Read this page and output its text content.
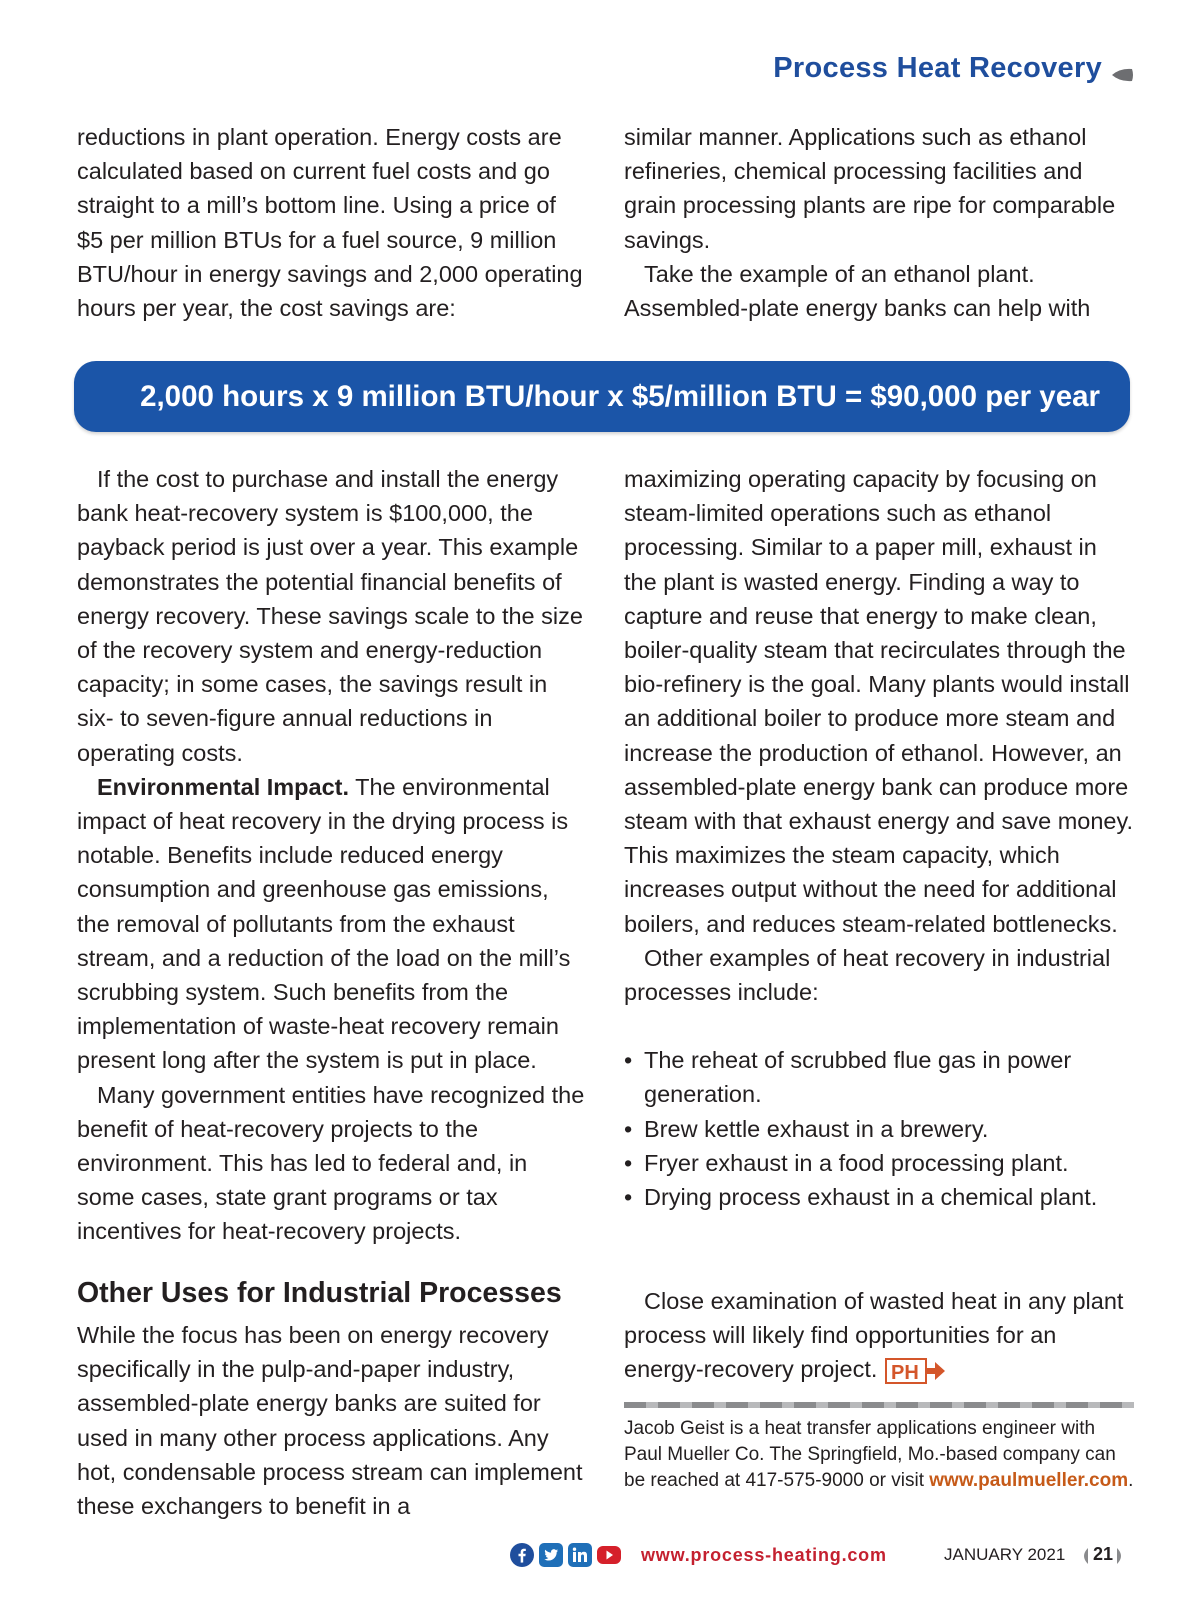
Process Heat Recovery

reductions in plant operation. Energy costs are calculated based on current fuel costs and go straight to a mill’s bottom line. Using a price of $5 per million BTUs for a fuel source, 9 million BTU/hour in energy savings and 2,000 operating hours per year, the cost savings are:

similar manner. Applications such as ethanol refineries, chemical processing facilities and grain processing plants are ripe for comparable savings.

Take the example of an ethanol plant. Assembled-plate energy banks can help with

2,000 hours x 9 million BTU/hour x $5/million BTU = $90,000 per year

If the cost to purchase and install the energy bank heat-recovery system is $100,000, the payback period is just over a year. This example demonstrates the potential financial benefits of energy recovery. These savings scale to the size of the recovery system and energy-reduction capacity; in some cases, the savings result in six- to seven-figure annual reductions in operating costs.

Environmental Impact. The environmental impact of heat recovery in the drying process is notable. Benefits include reduced energy consumption and greenhouse gas emissions, the removal of pollutants from the exhaust stream, and a reduction of the load on the mill’s scrubbing system. Such benefits from the implementation of waste-heat recovery remain present long after the system is put in place.

Many government entities have recognized the benefit of heat-recovery projects to the environment. This has led to federal and, in some cases, state grant programs or tax incentives for heat-recovery projects.

maximizing operating capacity by focusing on steam-limited operations such as ethanol processing. Similar to a paper mill, exhaust in the plant is wasted energy. Finding a way to capture and reuse that energy to make clean, boiler-quality steam that recirculates through the bio-refinery is the goal. Many plants would install an additional boiler to produce more steam and increase the production of ethanol. However, an assembled-plate energy bank can produce more steam with that exhaust energy and save money. This maximizes the steam capacity, which increases output without the need for additional boilers, and reduces steam-related bottlenecks.

Other examples of heat recovery in industrial processes include:

• The reheat of scrubbed flue gas in power generation.
• Brew kettle exhaust in a brewery.
• Fryer exhaust in a food processing plant.
• Drying process exhaust in a chemical plant.
Other Uses for Industrial Processes

While the focus has been on energy recovery specifically in the pulp-and-paper industry, assembled-plate energy banks are suited for used in many other process applications. Any hot, condensable process stream can implement these exchangers to benefit in a

Close examination of wasted heat in any plant process will likely find opportunities for an energy-recovery project. PH

Jacob Geist is a heat transfer applications engineer with Paul Mueller Co. The Springfield, Mo.-based company can be reached at 417-575-9000 or visit www.paulmueller.com.
www.process-heating.com	JANUARY 2021 21
